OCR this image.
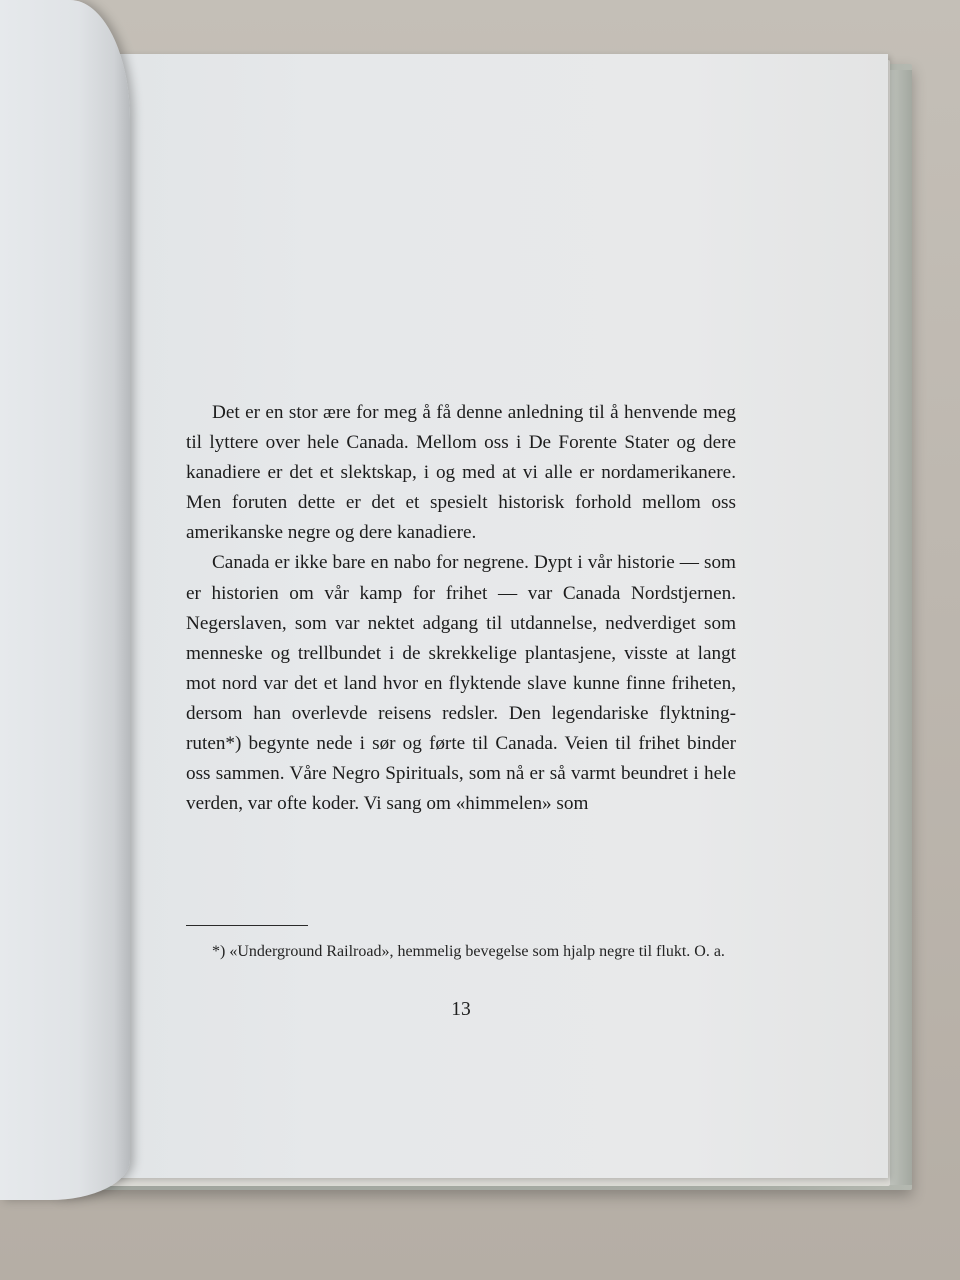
Det er en stor ære for meg å få denne anledning til å henvende meg til lyttere over hele Canada. Mellom oss i De Forente Stater og dere kanadiere er det et slektskap, i og med at vi alle er nordamerikanere. Men foruten dette er det et spesielt historisk forhold mellom oss amerikanske negre og dere kanadiere.

Canada er ikke bare en nabo for negrene. Dypt i vår historie — som er historien om vår kamp for frihet — var Canada Nordstjernen. Negerslaven, som var nektet adgang til utdannelse, nedverdiget som menneske og trellbundet i de skrekkelige plantasjene, visste at langt mot nord var det et land hvor en flyktende slave kunne finne friheten, dersom han overlevde reisens redsler. Den legendariske flyktning-ruten*) begynte nede i sør og førte til Canada. Veien til frihet binder oss sammen. Våre Negro Spirituals, som nå er så varmt beundret i hele verden, var ofte koder. Vi sang om «himmelen» som

*) «Underground Railroad», hemmelig bevegelse som hjalp negre til flukt. O. a.

13
